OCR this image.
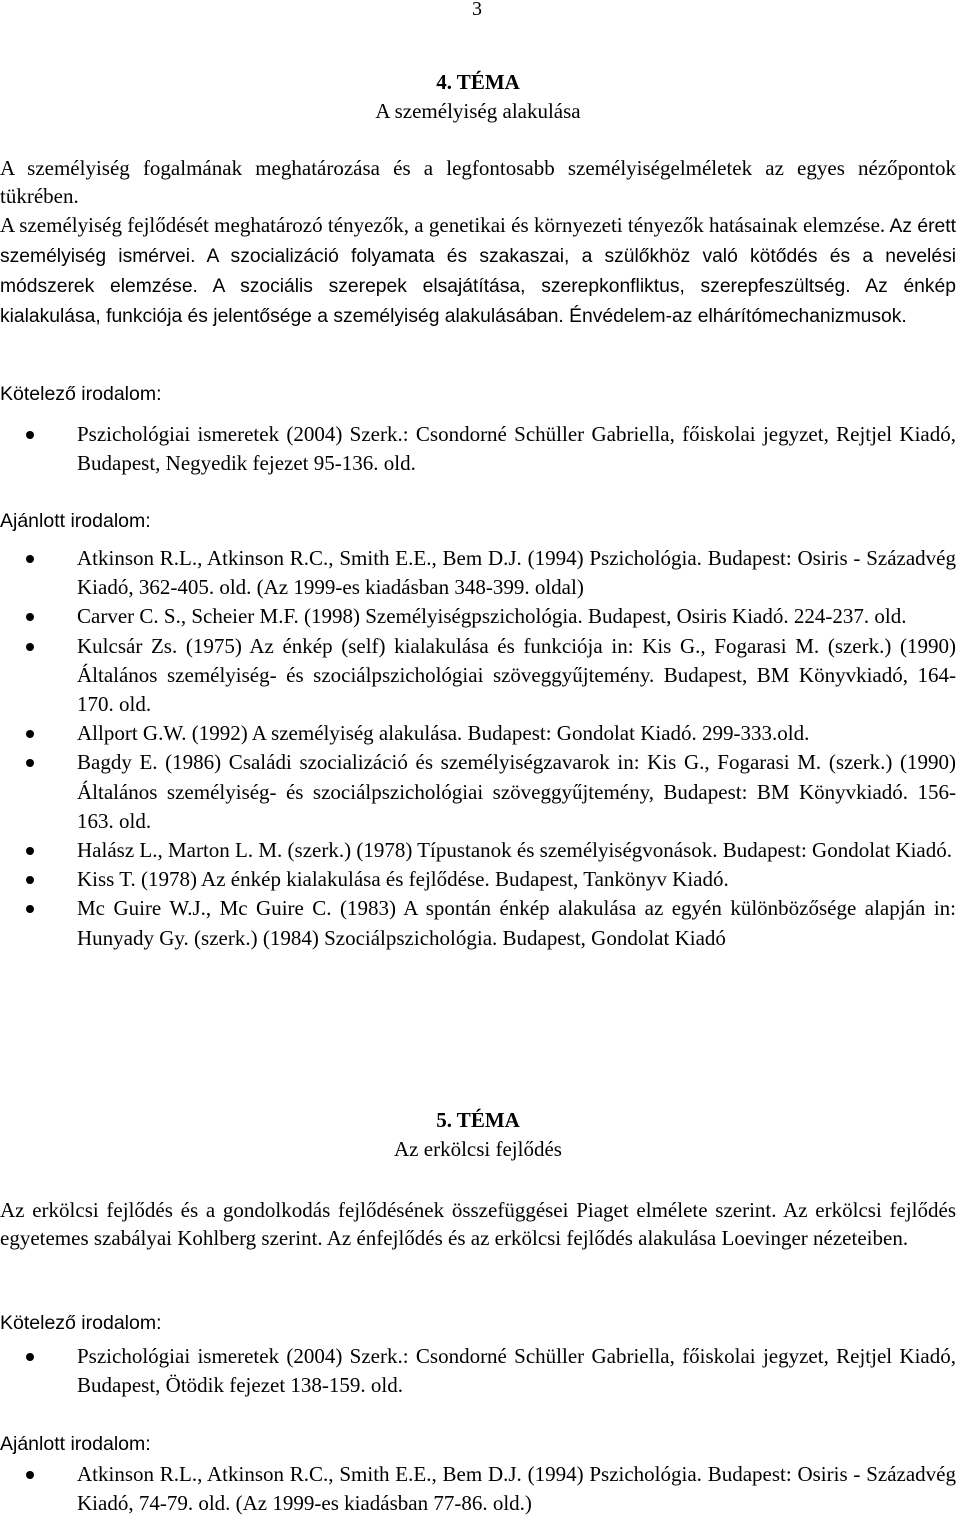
3
4. TÉMA
A személyiség alakulása
A személyiség fogalmának meghatározása és a legfontosabb személyiségelméletek az egyes nézőpontok tükrében.
A személyiség fejlődését meghatározó tényezők, a genetikai és környezeti tényezők hatásainak elemzése. Az érett személyiség ismérvei. A szocializáció folyamata és szakaszai, a szülőkhöz való kötődés és a nevelési módszerek elemzése. A szociális szerepek elsajátítása, szerepkonfliktus, szerepfeszültség. Az énkép kialakulása, funkciója és jelentősége a személyiség alakulásában. Énvédelem-az elhárítómechanizmusok.
Kötelező irodalom:
Pszichológiai ismeretek (2004) Szerk.: Csondorné Schüller Gabriella, főiskolai jegyzet, Rejtjel Kiadó, Budapest, Negyedik fejezet 95-136. old.
Ajánlott irodalom:
Atkinson R.L., Atkinson R.C., Smith E.E., Bem D.J. (1994) Pszichológia. Budapest: Osiris - Századvég Kiadó, 362-405. old. (Az 1999-es kiadásban 348-399. oldal)
Carver C. S., Scheier M.F. (1998) Személyiségpszichológia. Budapest, Osiris Kiadó. 224-237. old.
Kulcsár Zs. (1975) Az énkép (self) kialakulása és funkciója in: Kis G., Fogarasi M. (szerk.) (1990) Általános személyiség- és szociálpszichológiai szöveggyűjtemény. Budapest, BM Könyvkiadó, 164-170. old.
Allport G.W. (1992) A személyiség alakulása. Budapest: Gondolat Kiadó. 299-333.old.
Bagdy E. (1986) Családi szocializáció és személyiségzavarok in: Kis G., Fogarasi M. (szerk.) (1990) Általános személyiség- és szociálpszichológiai szöveggyűjtemény, Budapest: BM Könyvkiadó. 156-163. old.
Halász L., Marton L. M. (szerk.) (1978) Típustanok és személyiségvonások. Budapest: Gondolat Kiadó.
Kiss T. (1978) Az énkép kialakulása és fejlődése. Budapest, Tankönyv Kiadó.
Mc Guire W.J., Mc Guire C. (1983) A spontán énkép alakulása az egyén különbözősége alapján in: Hunyady Gy. (szerk.) (1984) Szociálpszichológia. Budapest, Gondolat Kiadó
5. TÉMA
Az erkölcsi fejlődés
Az erkölcsi fejlődés és a gondolkodás fejlődésének összefüggései Piaget elmélete szerint. Az erkölcsi fejlődés egyetemes szabályai Kohlberg szerint. Az énfejlődés és az erkölcsi fejlődés alakulása Loevinger nézeteiben.
Kötelező irodalom:
Pszichológiai ismeretek (2004) Szerk.: Csondorné Schüller Gabriella, főiskolai jegyzet, Rejtjel Kiadó, Budapest, Ötödik fejezet 138-159. old.
Ajánlott irodalom:
Atkinson R.L., Atkinson R.C., Smith E.E., Bem D.J. (1994) Pszichológia. Budapest: Osiris - Századvég Kiadó, 74-79. old. (Az 1999-es kiadásban 77-86. old.)
